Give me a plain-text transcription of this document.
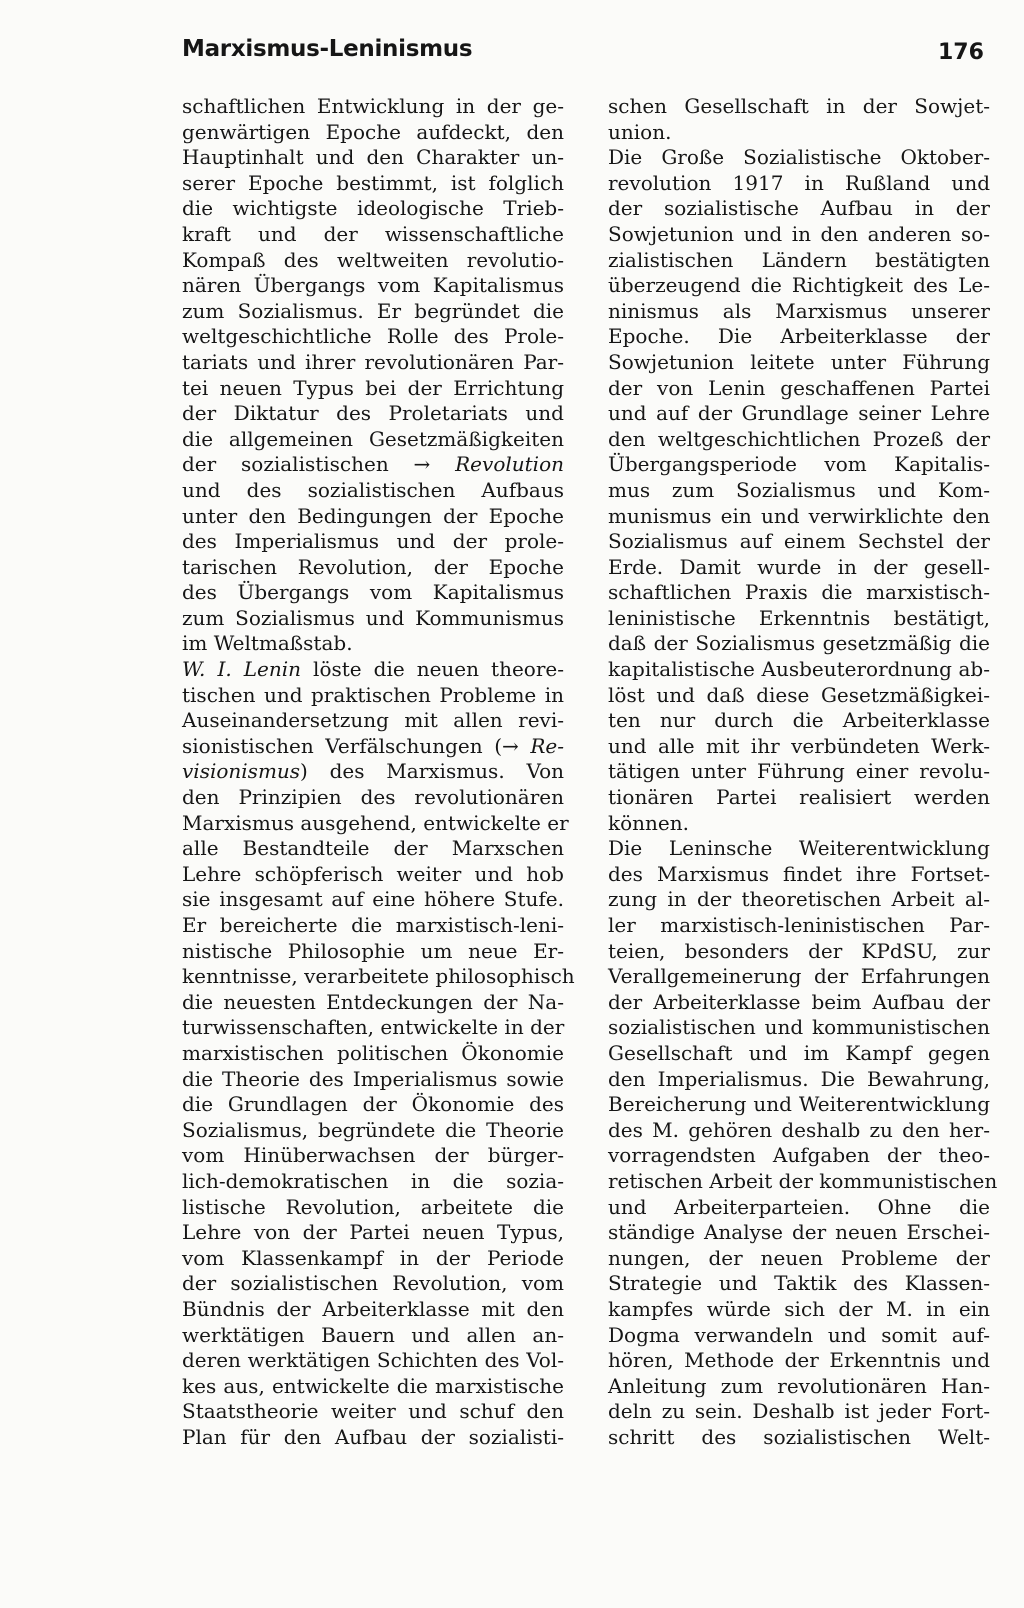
Marxismus-Leninismus	176
schaftlichen Entwicklung in der ge-
genwärtigen Epoche aufdeckt, den
Hauptinhalt und den Charakter un-
serer Epoche bestimmt, ist folglich
die wichtigste ideologische Trieb-
kraft und der wissenschaftliche
Kompaß des weltweiten revolutio-
nären Übergangs vom Kapitalismus
zum Sozialismus. Er begründet die
weltgeschichtliche Rolle des Prole-
tariats und ihrer revolutionären Par-
tei neuen Typus bei der Errichtung
der Diktatur des Proletariats und
die allgemeinen Gesetzmäßigkeiten
der sozialistischen → Revolution
und des sozialistischen Aufbaus
unter den Bedingungen der Epoche
des Imperialismus und der prole-
tarischen Revolution, der Epoche
des Übergangs vom Kapitalismus
zum Sozialismus und Kommunismus
im Weltmaßstab.
W. I. Lenin löste die neuen theore-
tischen und praktischen Probleme in
Auseinandersetzung mit allen revi-
sionistischen Verfälschungen (→ Re-
visionismus) des Marxismus. Von
den Prinzipien des revolutionären
Marxismus ausgehend, entwickelte er
alle Bestandteile der Marxschen
Lehre schöpferisch weiter und hob
sie insgesamt auf eine höhere Stufe.
Er bereicherte die marxistisch-leni-
nistische Philosophie um neue Er-
kenntnisse, verarbeitete philosophisch
die neuesten Entdeckungen der Na-
turwissenschaften, entwickelte in der
marxistischen politischen Ökonomie
die Theorie des Imperialismus sowie
die Grundlagen der Ökonomie des
Sozialismus, begründete die Theorie
vom Hinüberwachsen der bürger-
lich-demokratischen in die sozia-
listische Revolution, arbeitete die
Lehre von der Partei neuen Typus,
vom Klassenkampf in der Periode
der sozialistischen Revolution, vom
Bündnis der Arbeiterklasse mit den
werktätigen Bauern und allen an-
deren werktätigen Schichten des Vol-
kes aus, entwickelte die marxistische
Staatstheorie weiter und schuf den
Plan für den Aufbau der sozialisti-
schen Gesellschaft in der Sowjet-
union.
Die Große Sozialistische Oktober-
revolution 1917 in Rußland und
der sozialistische Aufbau in der
Sowjetunion und in den anderen so-
zialistischen Ländern bestätigten
überzeugend die Richtigkeit des Le-
ninismus als Marxismus unserer
Epoche. Die Arbeiterklasse der
Sowjetunion leitete unter Führung
der von Lenin geschaffenen Partei
und auf der Grundlage seiner Lehre
den weltgeschichtlichen Prozeß der
Übergangsperiode vom Kapitalis-
mus zum Sozialismus und Kom-
munismus ein und verwirklichte den
Sozialismus auf einem Sechstel der
Erde. Damit wurde in der gesell-
schaftlichen Praxis die marxistisch-
leninistische Erkenntnis bestätigt,
daß der Sozialismus gesetzmäßig die
kapitalistische Ausbeuterordnung ab-
löst und daß diese Gesetzmäßigkei-
ten nur durch die Arbeiterklasse
und alle mit ihr verbündeten Werk-
tätigen unter Führung einer revolu-
tionären Partei realisiert werden
können.
Die Leninsche Weiterentwicklung
des Marxismus findet ihre Fortset-
zung in der theoretischen Arbeit al-
ler marxistisch-leninistischen Par-
teien, besonders der KPdSU, zur
Verallgemeinerung der Erfahrungen
der Arbeiterklasse beim Aufbau der
sozialistischen und kommunistischen
Gesellschaft und im Kampf gegen
den Imperialismus. Die Bewahrung,
Bereicherung und Weiterentwicklung
des M. gehören deshalb zu den her-
vorragendsten Aufgaben der theo-
retischen Arbeit der kommunistischen
und Arbeiterparteien. Ohne die
ständige Analyse der neuen Erschei-
nungen, der neuen Probleme der
Strategie und Taktik des Klassen-
kampfes würde sich der M. in ein
Dogma verwandeln und somit auf-
hören, Methode der Erkenntnis und
Anleitung zum revolutionären Han-
deln zu sein. Deshalb ist jeder Fort-
schritt des sozialistischen Welt-
